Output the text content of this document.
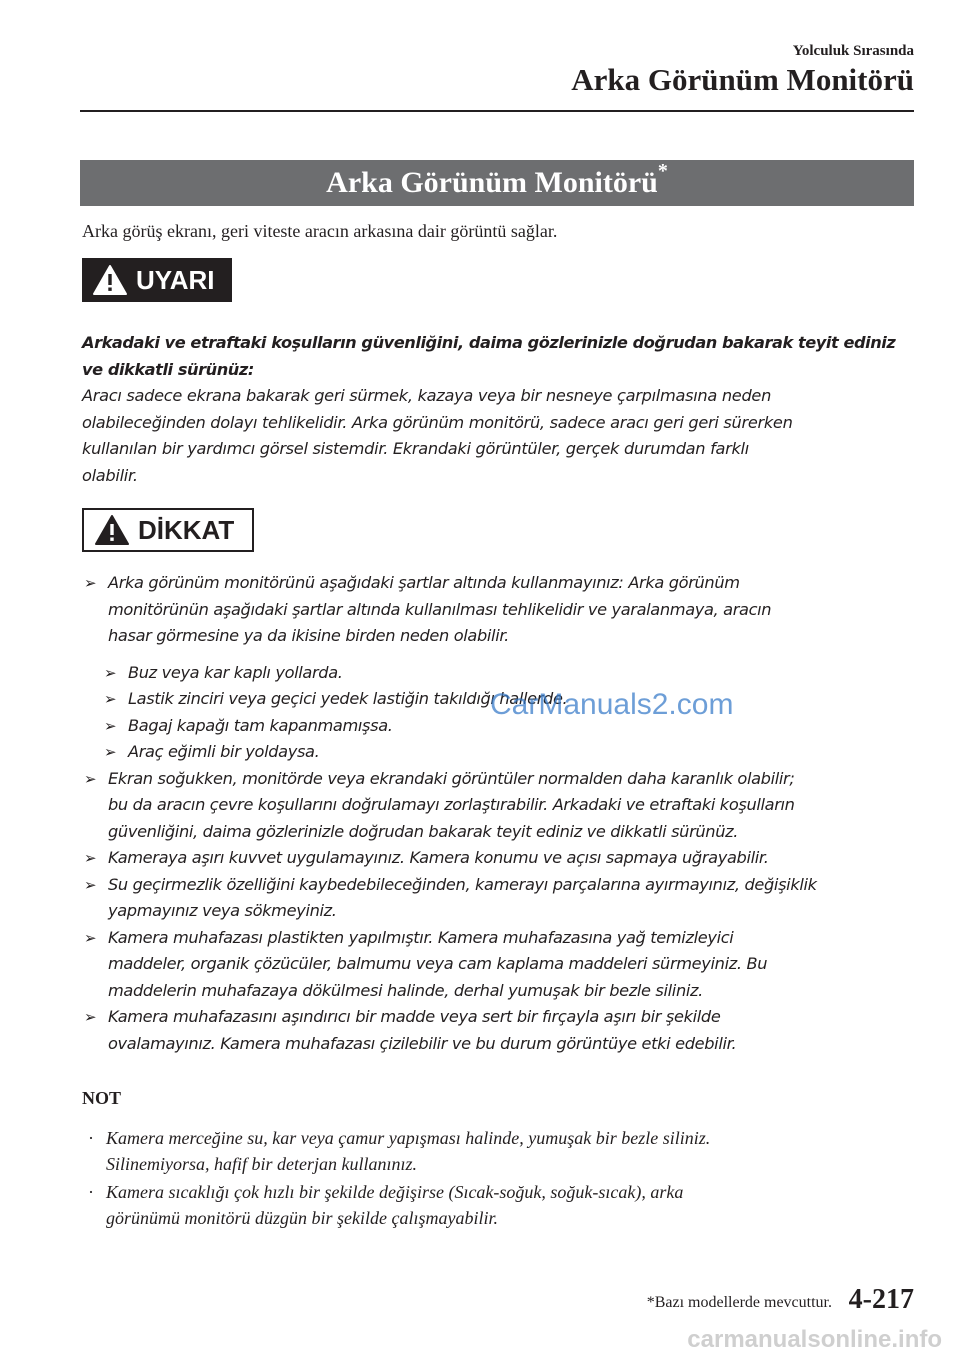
Yolculuk Sırasında
Arka Görünüm Monitörü
Arka Görünüm Monitörü*
Arka görüş ekranı, geri viteste aracın arkasına dair görüntü sağlar.
UYARI
Arkadaki ve etraftaki koşulların güvenliğini, daima gözlerinizle doğrudan bakarak teyit ediniz
ve dikkatli sürünüz:
Aracı sadece ekrana bakarak geri sürmek, kazaya veya bir nesneye çarpılmasına neden
olabileceğinden dolayı tehlikelidir. Arka görünüm monitörü, sadece aracı geri geri sürerken
kullanılan bir yardımcı görsel sistemdir. Ekrandaki görüntüler, gerçek durumdan farklı
olabilir.
DİKKAT
➢ Arka görünüm monitörünü aşağıdaki şartlar altında kullanmayınız: Arka görünüm
monitörünün aşağıdaki şartlar altında kullanılması tehlikelidir ve yaralanmaya, aracın
hasar görmesine ya da ikisine birden neden olabilir.
➢ Buz veya kar kaplı yollarda.
➢ Lastik zinciri veya geçici yedek lastiğin takıldığı hallerde.
➢ Bagaj kapağı tam kapanmamışsa.
➢ Araç eğimli bir yoldaysa.
➢ Ekran soğukken, monitörde veya ekrandaki görüntüler normalden daha karanlık olabilir;
bu da aracın çevre koşullarını doğrulamayı zorlaştırabilir. Arkadaki ve etraftaki koşulların
güvenliğini, daima gözlerinizle doğrudan bakarak teyit ediniz ve dikkatli sürünüz.
➢ Kameraya aşırı kuvvet uygulamayınız. Kamera konumu ve açısı sapmaya uğrayabilir.
➢ Su geçirmezlik özelliğini kaybedebileceğinden, kamerayı parçalarına ayırmayınız, değişiklik
yapmayınız veya sökmeyiniz.
➢ Kamera muhafazası plastikten yapılmıştır. Kamera muhafazasına yağ temizleyici
maddeler, organik çözücüler, balmumu veya cam kaplama maddeleri sürmeyiniz. Bu
maddelerin muhafazaya dökülmesi halinde, derhal yumuşak bir bezle siliniz.
➢ Kamera muhafazasını aşındırıcı bir madde veya sert bir fırçayla aşırı bir şekilde
ovalamayınız. Kamera muhafazası çizilebilir ve bu durum görüntüye etki edebilir.
NOT
· Kamera merceğine su, kar veya çamur yapışması halinde, yumuşak bir bezle siliniz.
Silinemiyorsa, hafif bir deterjan kullanınız.
· Kamera sıcaklığı çok hızlı bir şekilde değişirse (Sıcak-soğuk, soğuk-sıcak), arka
görünümü monitörü düzgün bir şekilde çalışmayabilir.
*Bazı modellerde mevcuttur. 4-217
CarManuals2.com
carmanualsonline.info
